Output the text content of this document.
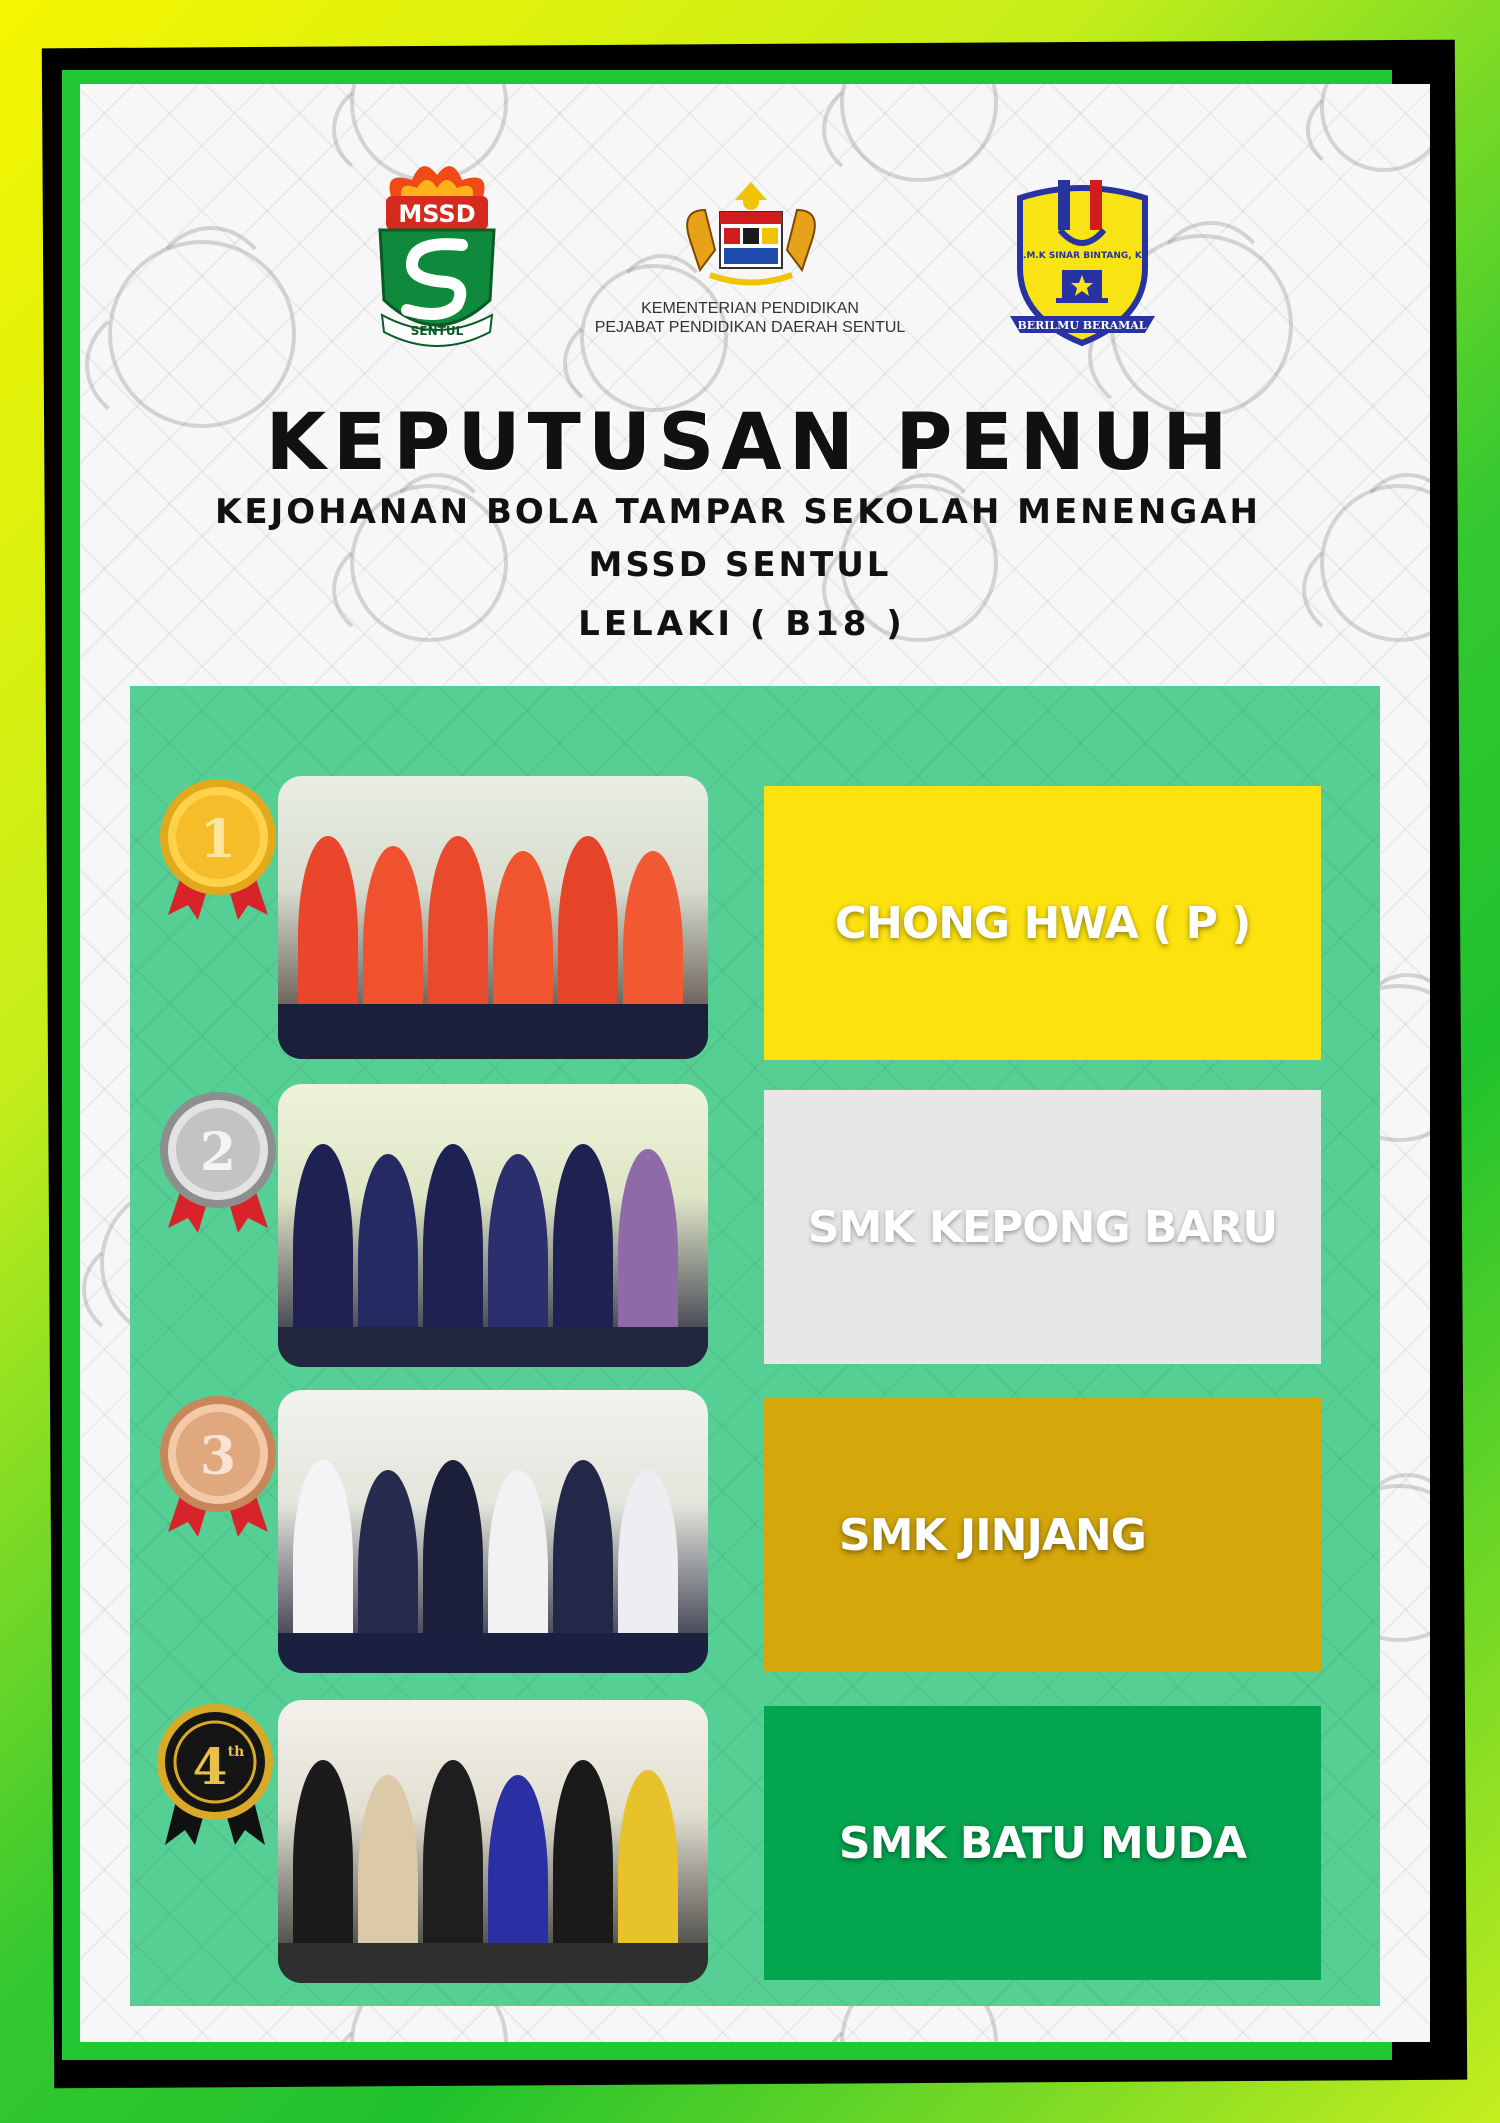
MSSD
SENTUL
KEMENTERIAN PENDIDIKAN
PEJABAT PENDIDIKAN DAERAH SENTUL
S.M.K SINAR BINTANG, KL
BERILMU BERAMAL
KEPUTUSAN PENUH
KEJOHANAN BOLA TAMPAR SEKOLAH MENENGAH
MSSD SENTUL
LELAKI ( B18 )
1
2
3
4 th
CHONG HWA ( P )
SMK KEPONG BARU
SMK JINJANG
SMK BATU MUDA
